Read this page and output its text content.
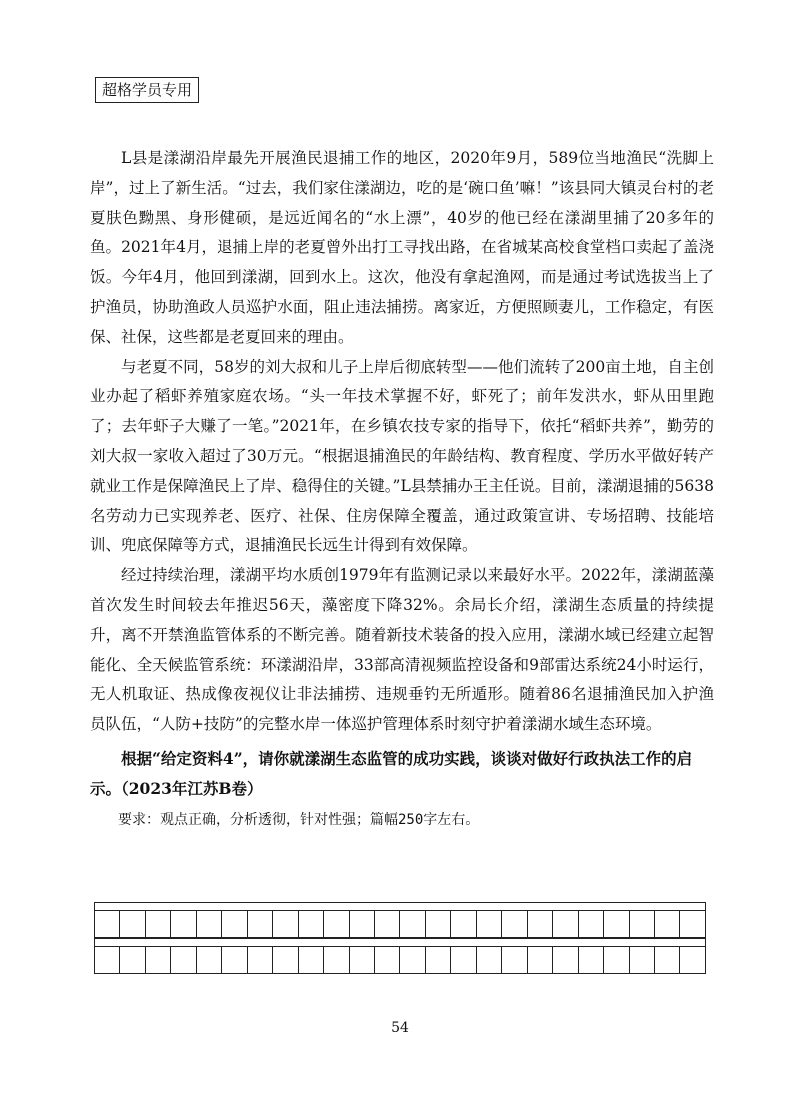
超格学员专用

L县是漾湖沿岸最先开展渔民退捕工作的地区，2020年9月，589位当地渔民“洗脚上岸”，过上了新生活。“过去，我们家住漾湖边，吃的是‘碗口鱼’嘛！”该县同大镇灵台村的老夏肤色黝黑、身形健硕，是远近闻名的“水上漂”，40岁的他已经在漾湖里捕了20多年的鱼。2021年4月，退捕上岸的老夏曾外出打工寻找出路，在省城某高校食堂档口卖起了盖浇饭。今年4月，他回到漾湖，回到水上。这次，他没有拿起渔网，而是通过考试选拔当上了护渔员，协助渔政人员巡护水面，阻止违法捕捞。离家近，方便照顾妻儿，工作稳定，有医保、社保，这些都是老夏回来的理由。

与老夏不同，58岁的刘大叔和儿子上岸后彻底转型——他们流转了200亩土地，自主创业办起了稻虾养殖家庭农场。“头一年技术掌握不好，虾死了；前年发洪水，虾从田里跑了；去年虾子大赚了一笔。”2021年，在乡镇农技专家的指导下，依托“稻虾共养”，勤劳的刘大叔一家收入超过了30万元。“根据退捕渔民的年龄结构、教育程度、学历水平做好转产就业工作是保障渔民上了岸、稳得住的关键。”L县禁捕办王主任说。目前，漾湖退捕的5638名劳动力已实现养老、医疗、社保、住房保障全覆盖，通过政策宣讲、专场招聘、技能培训、兜底保障等方式，退捕渔民长远生计得到有效保障。

经过持续治理，漾湖平均水质创1979年有监测记录以来最好水平。2022年，漾湖蓝藻首次发生时间较去年推迟56天，藻密度下降32%。余局长介绍，漾湖生态质量的持续提升，离不开禁渔监管体系的不断完善。随着新技术装备的投入应用，漾湖水域已经建立起智能化、全天候监管系统：环漾湖沿岸，33部高清视频监控设备和9部雷达系统24小时运行，无人机取证、热成像夜视仪让非法捕捞、违规垂钓无所遁形。随着86名退捕渔民加入护渔员队伍，“人防+技防”的完整水岸一体巡护管理体系时刻守护着漾湖水域生态环境。

根据“给定资料4”，请你就漾湖生态监管的成功实践，谈谈对做好行政执法工作的启示。（2023年江苏B卷）

要求：观点正确，分析透彻，针对性强；篇幅250字左右。

54
